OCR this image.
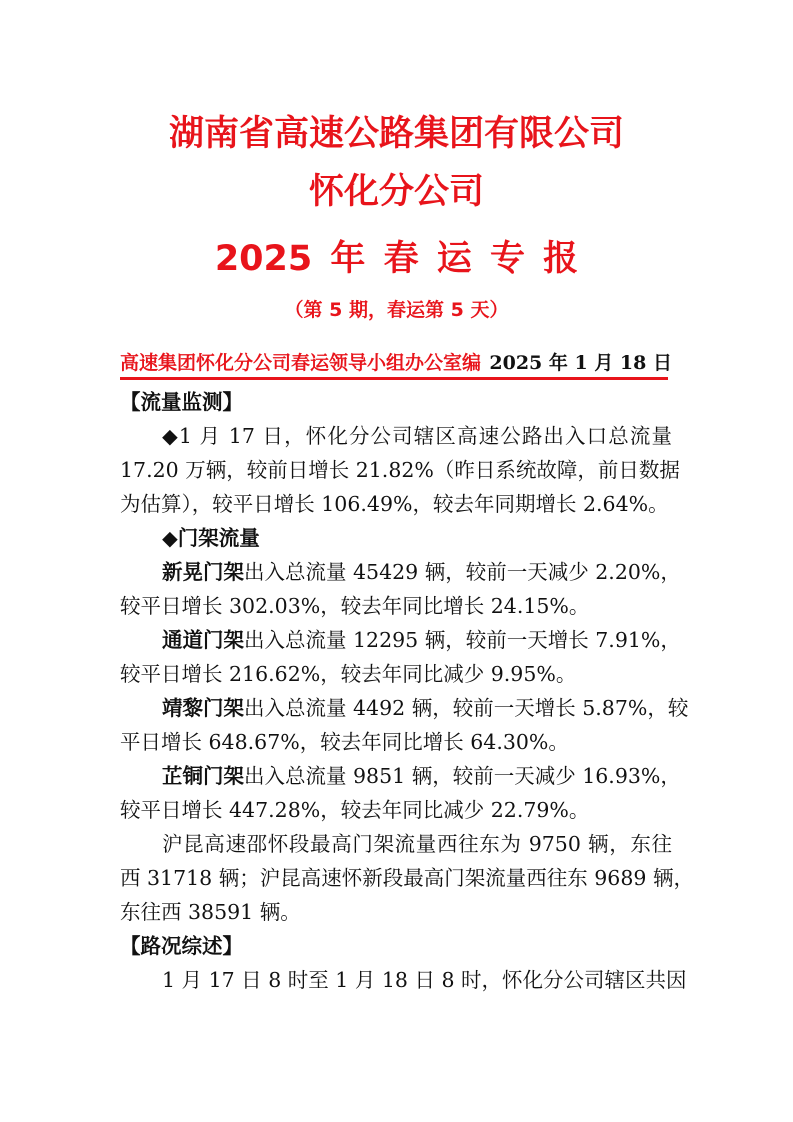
湖南省高速公路集团有限公司
怀化分公司
2025 年 春 运 专 报
（第 5 期，春运第 5 天）
高速集团怀化分公司春运领导小组办公室编 2025 年 1 月 18 日
【流量监测】
◆1 月 17 日，怀化分公司辖区高速公路出入口总流量
17.20 万辆，较前日增长 21.82%（昨日系统故障，前日数据
为估算），较平日增长 106.49%，较去年同期增长 2.64%。
◆门架流量
新晃门架出入总流量 45429 辆，较前一天减少 2.20%，
较平日增长 302.03%，较去年同比增长 24.15%。
通道门架出入总流量 12295 辆，较前一天增长 7.91%，
较平日增长 216.62%，较去年同比减少 9.95%。
靖黎门架出入总流量 4492 辆，较前一天增长 5.87%，较
平日增长 648.67%，较去年同比增长 64.30%。
芷铜门架出入总流量 9851 辆，较前一天减少 16.93%，
较平日增长 447.28%，较去年同比减少 22.79%。
沪昆高速邵怀段最高门架流量西往东为 9750 辆，东往
西 31718 辆；沪昆高速怀新段最高门架流量西往东 9689 辆，
东往西 38591 辆。
【路况综述】
1 月 17 日 8 时至 1 月 18 日 8 时，怀化分公司辖区共因
